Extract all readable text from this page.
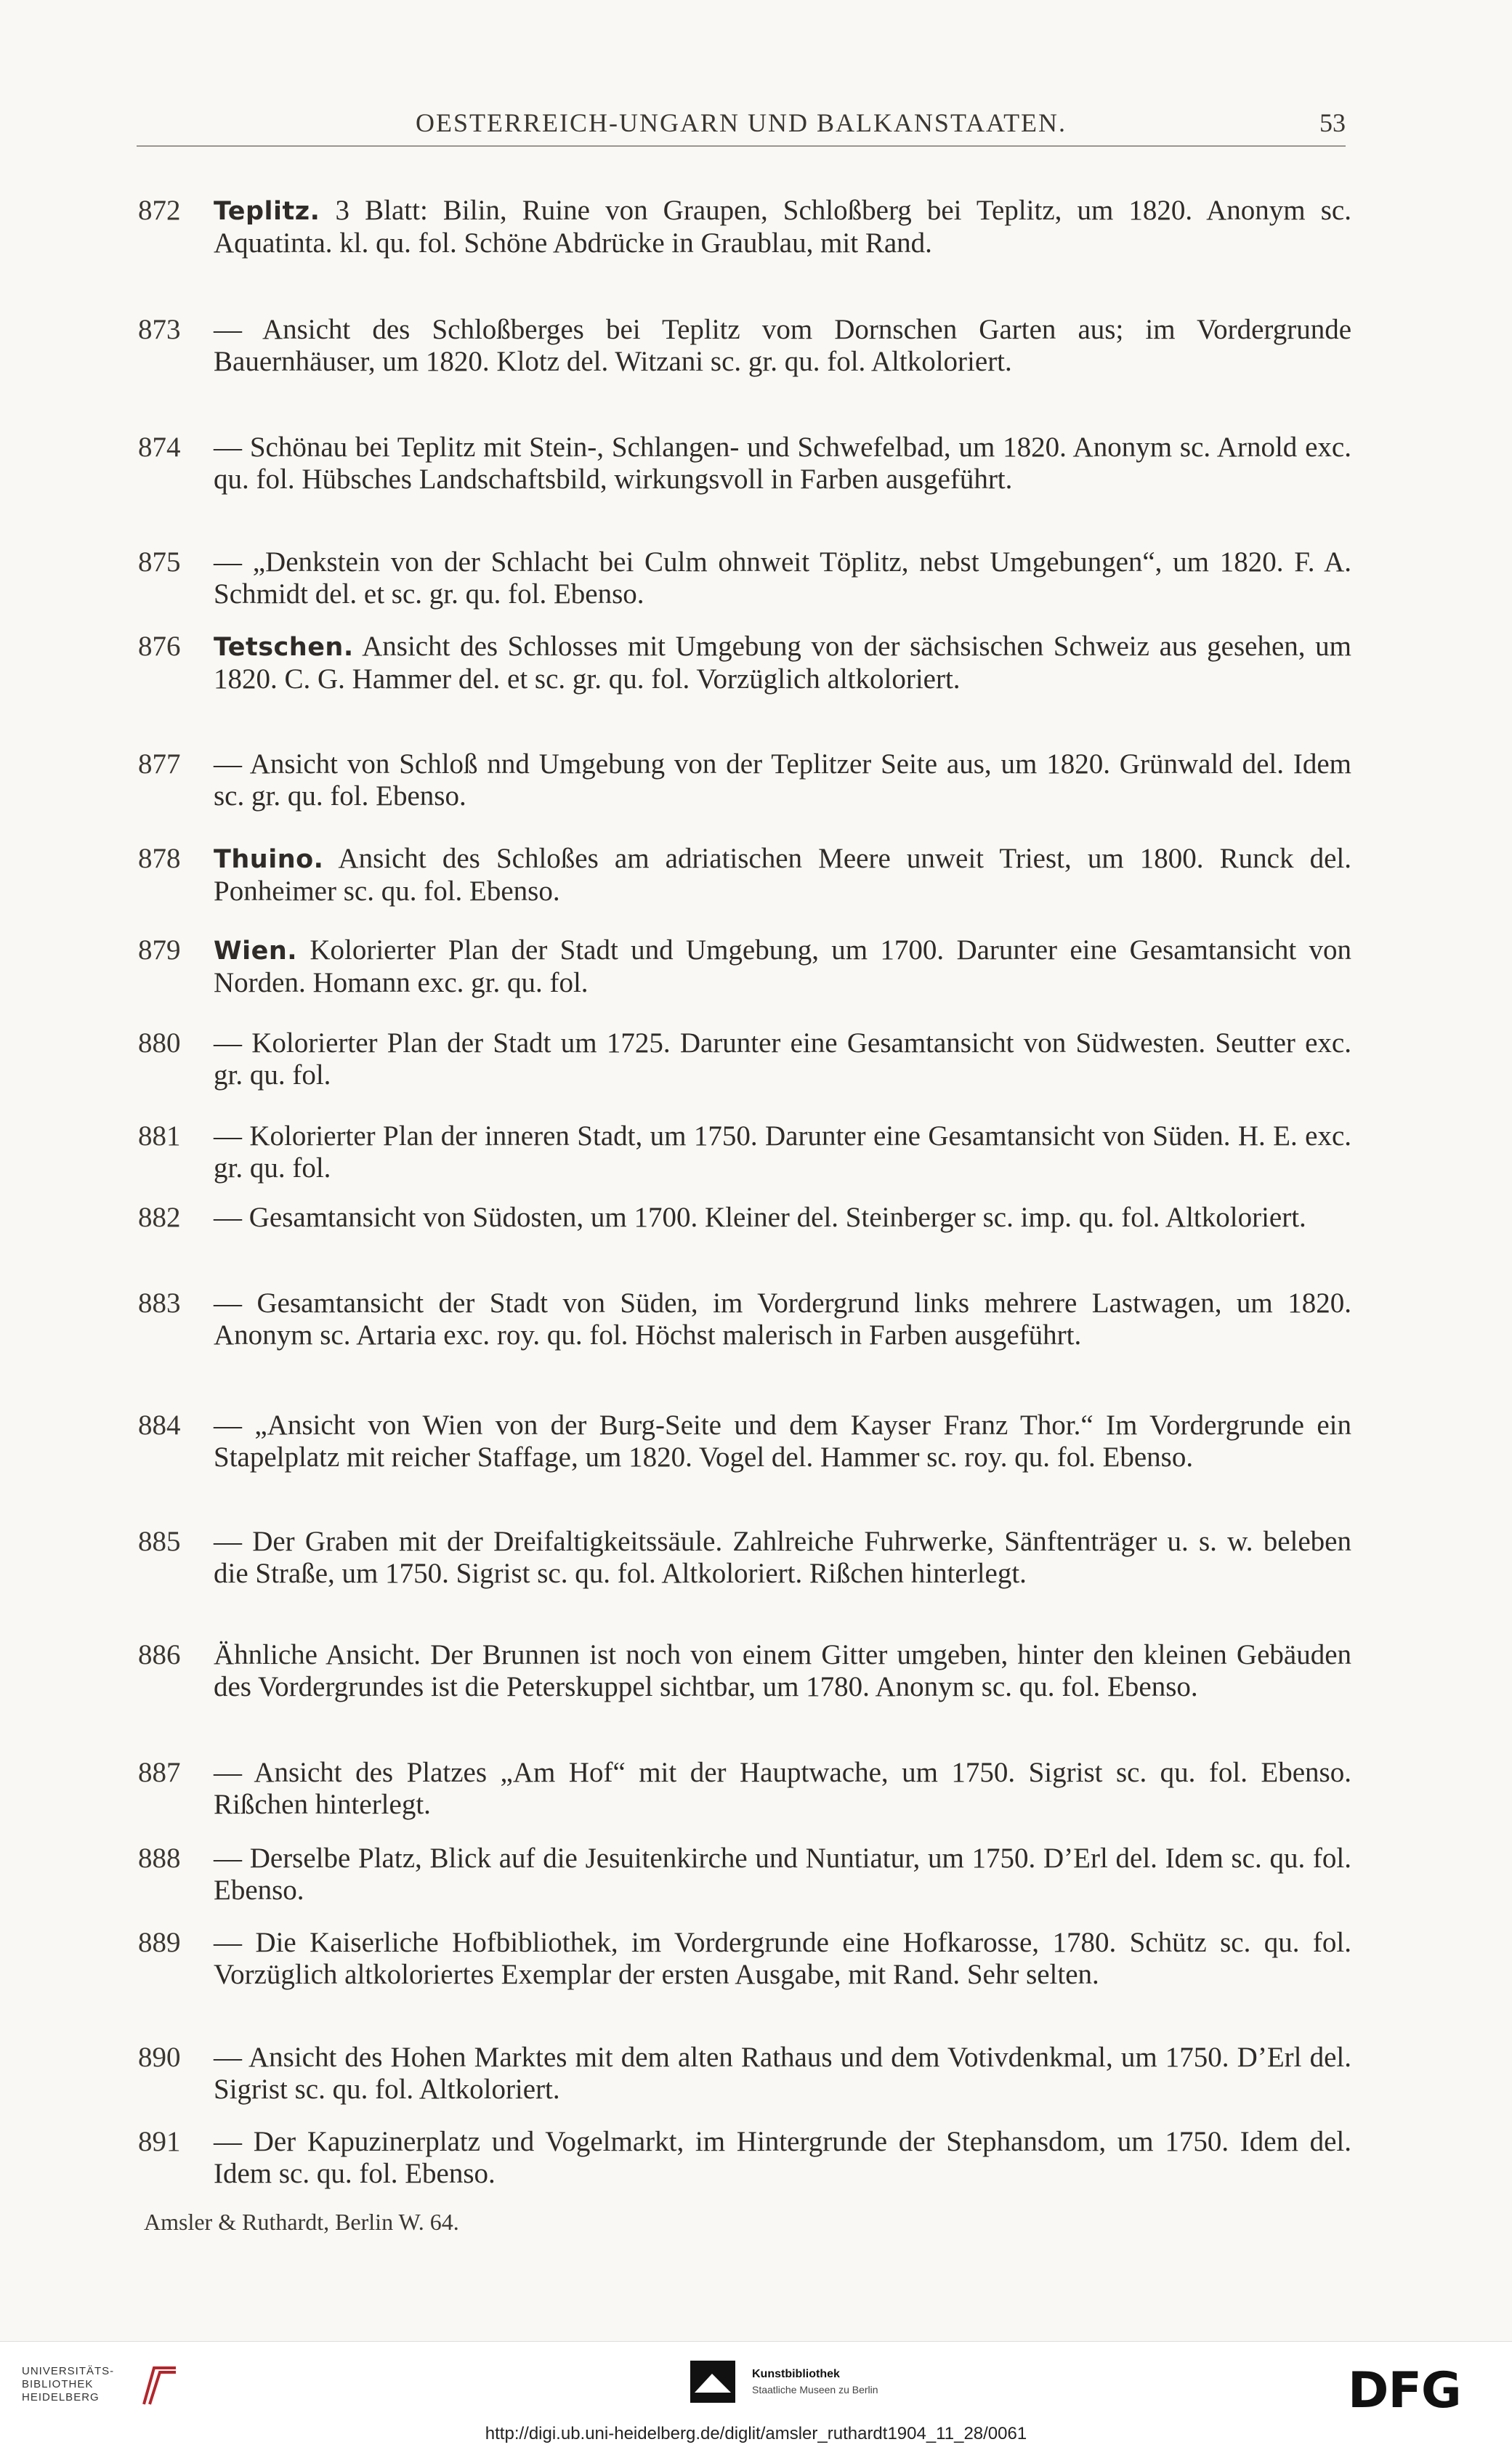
OESTERREICH-UNGARN UND BALKANSTAATEN.	53
872	Teplitz. 3 Blatt: Bilin, Ruine von Graupen, Schloßberg bei Teplitz, um 1820. Anonym sc. Aquatinta. kl. qu. fol. Schöne Abdrücke in Graublau, mit Rand.
873	— Ansicht des Schloßberges bei Teplitz vom Dornschen Garten aus; im Vordergrunde Bauernhäuser, um 1820. Klotz del. Witzani sc. gr. qu. fol. Altkoloriert.
874	— Schönau bei Teplitz mit Stein-, Schlangen- und Schwefelbad, um 1820. Anonym sc. Arnold exc. qu. fol. Hübsches Landschaftsbild, wirkungsvoll in Farben ausgeführt.
875	— „Denkstein von der Schlacht bei Culm ohnweit Töplitz, nebst Umgebungen“, um 1820. F. A. Schmidt del. et sc. gr. qu. fol. Ebenso.
876	Tetschen. Ansicht des Schlosses mit Umgebung von der sächsischen Schweiz aus gesehen, um 1820. C. G. Hammer del. et sc. gr. qu. fol. Vorzüglich altkoloriert.
877	— Ansicht von Schloß nnd Umgebung von der Teplitzer Seite aus, um 1820. Grünwald del. Idem sc. gr. qu. fol. Ebenso.
878	Thuino. Ansicht des Schloßes am adriatischen Meere unweit Triest, um 1800. Runck del. Ponheimer sc. qu. fol. Ebenso.
879	Wien. Kolorierter Plan der Stadt und Umgebung, um 1700. Darunter eine Gesamtansicht von Norden. Homann exc. gr. qu. fol.
880	— Kolorierter Plan der Stadt um 1725. Darunter eine Gesamtansicht von Südwesten. Seutter exc. gr. qu. fol.
881	— Kolorierter Plan der inneren Stadt, um 1750. Darunter eine Gesamtansicht von Süden. H. E. exc. gr. qu. fol.
882	— Gesamtansicht von Südosten, um 1700. Kleiner del. Steinberger sc. imp. qu. fol. Altkoloriert.
883	— Gesamtansicht der Stadt von Süden, im Vordergrund links mehrere Lastwagen, um 1820. Anonym sc. Artaria exc. roy. qu. fol. Höchst malerisch in Farben ausgeführt.
884	— „Ansicht von Wien von der Burg-Seite und dem Kayser Franz Thor.“ Im Vordergrunde ein Stapelplatz mit reicher Staffage, um 1820. Vogel del. Hammer sc. roy. qu. fol. Ebenso.
885	— Der Graben mit der Dreifaltigkeitssäule. Zahlreiche Fuhrwerke, Sänftenträger u. s. w. beleben die Straße, um 1750. Sigrist sc. qu. fol. Altkoloriert. Rißchen hinterlegt.
886	Ähnliche Ansicht. Der Brunnen ist noch von einem Gitter umgeben, hinter den kleinen Gebäuden des Vordergrundes ist die Peterskuppel sichtbar, um 1780. Anonym sc. qu. fol. Ebenso.
887	— Ansicht des Platzes „Am Hof“ mit der Hauptwache, um 1750. Sigrist sc. qu. fol. Ebenso. Rißchen hinterlegt.
888	— Derselbe Platz, Blick auf die Jesuitenkirche und Nuntiatur, um 1750. D’Erl del. Idem sc. qu. fol. Ebenso.
889	— Die Kaiserliche Hofbibliothek, im Vordergrunde eine Hofkarosse, 1780. Schütz sc. qu. fol. Vorzüglich altkoloriertes Exemplar der ersten Ausgabe, mit Rand. Sehr selten.
890	— Ansicht des Hohen Marktes mit dem alten Rathaus und dem Votivdenkmal, um 1750. D’Erl del. Sigrist sc. qu. fol. Altkoloriert.
891	— Der Kapuzinerplatz und Vogelmarkt, im Hintergrunde der Stephansdom, um 1750. Idem del. Idem sc. qu. fol. Ebenso.
Amsler & Ruthardt, Berlin W. 64.
UNIVERSITÄTS-
BIBLIOTHEK
HEIDELBERG
Kunstbibliothek
Staatliche Museen zu Berlin	DFG
http://digi.ub.uni-heidelberg.de/diglit/amsler_ruthardt1904_11_28/0061
